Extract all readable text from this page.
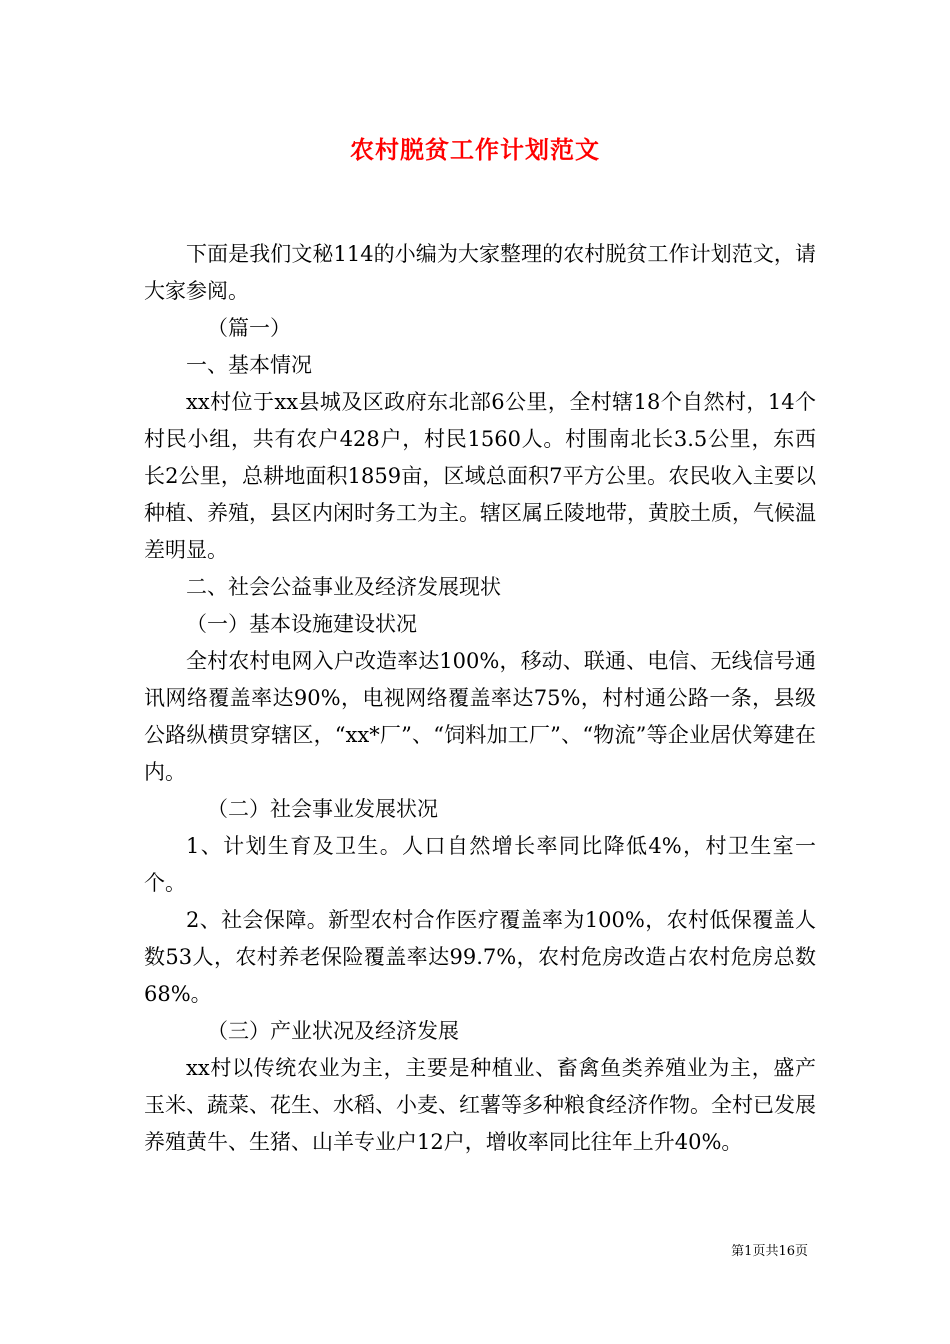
农村脱贫工作计划范文

下面是我们文秘114的小编为大家整理的农村脱贫工作计划范文，请大家参阅。

（篇一）

一、基本情况

xx村位于xx县城及区政府东北部6公里，全村辖18个自然村，14个村民小组，共有农户428户，村民1560人。村围南北长3.5公里，东西长2公里，总耕地面积1859亩，区域总面积7平方公里。农民收入主要以种植、养殖，县区内闲时务工为主。辖区属丘陵地带，黄胶土质，气候温差明显。

二、社会公益事业及经济发展现状

（一）基本设施建设状况

全村农村电网入户改造率达100%，移动、联通、电信、无线信号通讯网络覆盖率达90%，电视网络覆盖率达75%，村村通公路一条，县级公路纵横贯穿辖区，“xx*厂”、“饲料加工厂”、“物流”等企业居伏筹建在内。

（二）社会事业发展状况

1、计划生育及卫生。人口自然增长率同比降低4%，村卫生室一个。

2、社会保障。新型农村合作医疗覆盖率为100%，农村低保覆盖人数53人，农村养老保险覆盖率达99.7%，农村危房改造占农村危房总数68%。

（三）产业状况及经济发展

xx村以传统农业为主，主要是种植业、畜禽鱼类养殖业为主，盛产玉米、蔬菜、花生、水稻、小麦、红薯等多种粮食经济作物。全村已发展养殖黄牛、生猪、山羊专业户12户，增收率同比往年上升40%。

第1页共16页
